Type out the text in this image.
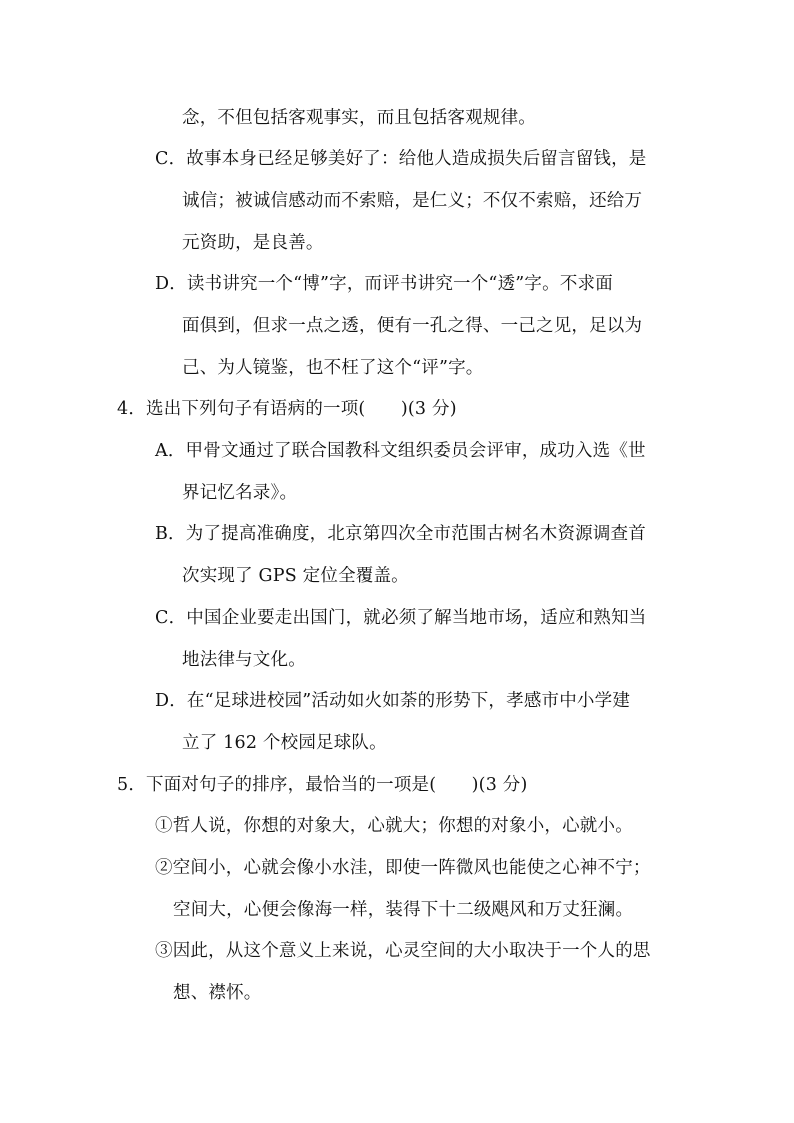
念，不但包括客观事实，而且包括客观规律。
C．故事本身已经足够美好了：给他人造成损失后留言留钱，是
诚信；被诚信感动而不索赔，是仁义；不仅不索赔，还给万
元资助，是良善。
D．读书讲究一个“博”字，而评书讲究一个“透”字。不求面
面俱到，但求一点之透，便有一孔之得、一己之见，足以为
己、为人镜鉴，也不枉了这个“评”字。
4．选出下列句子有语病的一项(　　)(3 分)
A．甲骨文通过了联合国教科文组织委员会评审，成功入选《世
界记忆名录》。
B．为了提高准确度，北京第四次全市范围古树名木资源调查首
次实现了 GPS 定位全覆盖。
C．中国企业要走出国门，就必须了解当地市场，适应和熟知当
地法律与文化。
D．在“足球进校园”活动如火如荼的形势下，孝感市中小学建
立了 162 个校园足球队。
5．下面对句子的排序，最恰当的一项是(　　)(3 分)
①哲人说，你想的对象大，心就大；你想的对象小，心就小。
②空间小，心就会像小水洼，即使一阵微风也能使之心神不宁；
空间大，心便会像海一样，装得下十二级飓风和万丈狂澜。
③因此，从这个意义上来说，心灵空间的大小取决于一个人的思
想、襟怀。
